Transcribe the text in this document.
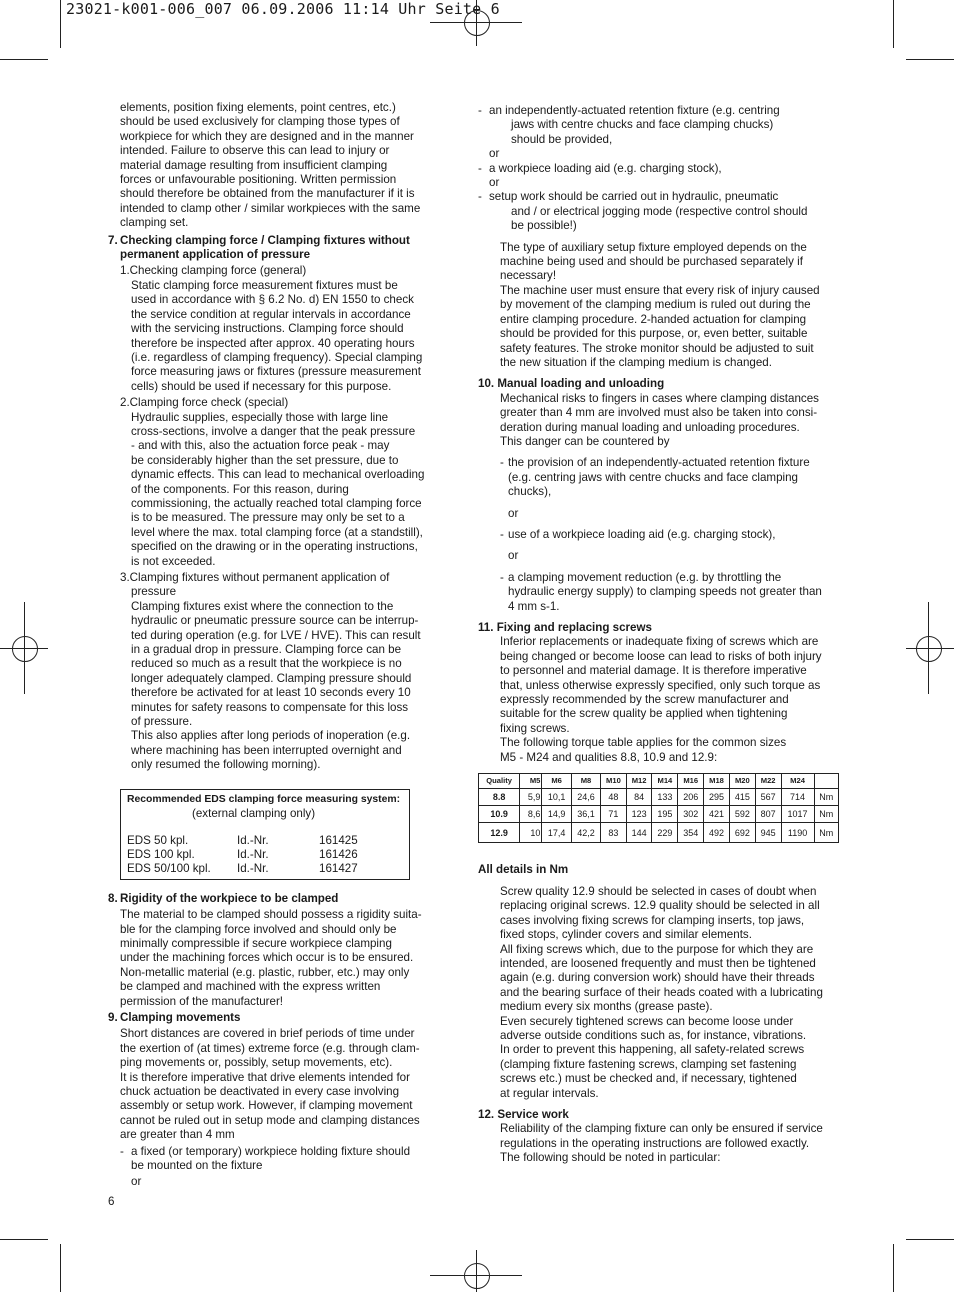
23021-k001-006_007 06.09.2006 11:14 Uhr Seite 6
elements, position fixing elements, point centres, etc.)
should be used exclusively for clamping those types of
workpiece for which they are designed and in the manner
intended. Failure to observe this can lead to injury or
material damage resulting from insufficient clamping
forces or unfavourable positioning. Written permission
should therefore be obtained from the manufacturer if it is
intended to clamp other / similar workpieces with the same
clamping set.
7. Checking clamping force / Clamping fixtures without
permanent application of pressure
1.Checking clamping force (general)
Static clamping force measurement fixtures must be
used in accordance with § 6.2 No. d) EN 1550 to check
the service condition at regular intervals in accordance
with the servicing instructions. Clamping force should
therefore be inspected after approx. 40 operating hours
(i.e. regardless of clamping frequency). Special clamping
force measuring jaws or fixtures (pressure measurement
cells) should be used if necessary for this purpose.
2.Clamping force check (special)
Hydraulic supplies, especially those with large line
cross-sections, involve a danger that the peak pressure
- and with this, also the actuation force peak - may
be considerably higher than the set pressure, due to
dynamic effects. This can lead to mechanical overloading
of the components. For this reason, during
commissioning, the actually reached total clamping force
is to be measured. The pressure may only be set to a
level where the max. total clamping force (at a standstill),
specified on the drawing or in the operating instructions,
is not exceeded.
3.Clamping fixtures without permanent application of
pressure
Clamping fixtures exist where the connection to the
hydraulic or pneumatic pressure source can be interrup-
ted during operation (e.g. for LVE / HVE). This can result
in a gradual drop in pressure. Clamping force can be
reduced so much as a result that the workpiece is no
longer adequately clamped. Clamping pressure should
therefore be activated for at least 10 seconds every 10
minutes for safety reasons to compensate for this loss
of pressure.
This also applies after long periods of inoperation (e.g.
where machining has been interrupted overnight and
only resumed the following morning).
Recommended EDS clamping force measuring system:
(external clamping only)
EDS 50 kpl.	Id.-Nr.	161425
EDS 100 kpl.	Id.-Nr.	161426
EDS 50/100 kpl.	Id.-Nr.	161427
8. Rigidity of the workpiece to be clamped
The material to be clamped should possess a rigidity suita-
ble for the clamping force involved and should only be
minimally compressible if secure workpiece clamping
under the machining forces which occur is to be ensured.
Non-metallic material (e.g. plastic, rubber, etc.) may only
be clamped and machined with the express written
permission of the manufacturer!
9. Clamping movements
Short distances are covered in brief periods of time under
the exertion of (at times) extreme force (e.g. through clam-
ping movements or, possibly, setup movements, etc).
It is therefore imperative that drive elements intended for
chuck actuation be deactivated in every case involving
assembly or setup work. However, if clamping movement
cannot be ruled out in setup mode and clamping distances
are greater than 4 mm
- a fixed (or temporary) workpiece holding fixture should
be mounted on the fixture
or
- an independently-actuated retention fixture (e.g. centring
jaws with centre chucks and face clamping chucks)
should be provided,
or
- a workpiece loading aid (e.g. charging stock),
or
- setup work should be carried out in hydraulic, pneumatic
and / or electrical jogging mode (respective control should
be possible!)
The type of auxiliary setup fixture employed depends on the
machine being used and should be purchased separately if
necessary!
The machine user must ensure that every risk of injury caused
by movement of the clamping medium is ruled out during the
entire clamping procedure. 2-handed actuation for clamping
should be provided for this purpose, or, even better, suitable
safety features. The stroke monitor should be adjusted to suit
the new situation if the clamping medium is changed.
10. Manual loading and unloading
Mechanical risks to fingers in cases where clamping distances
greater than 4 mm are involved must also be taken into consi-
deration during manual loading and unloading procedures.
This danger can be countered by
- the provision of an independently-actuated retention fixture
(e.g. centring jaws with centre chucks and face clamping
chucks),
or
- use of a workpiece loading aid (e.g. charging stock),
or
- a clamping movement reduction (e.g. by throttling the
hydraulic energy supply) to clamping speeds not greater than
4 mm s-1.
11. Fixing and replacing screws
Inferior replacements or inadequate fixing of screws which are
being changed or become loose can lead to risks of both injury
to personnel and material damage. It is therefore imperative
that, unless otherwise expressly specified, only such torque as
expressly recommended by the screw manufacturer and
suitable for the screw quality be applied when tightening
fixing screws.
The following torque table applies for the common sizes
M5 - M24 and qualities 8.8, 10.9 and 12.9:
Quality	M5	M6	M8	M10	M12	M14	M16	M18	M20	M22	M24	
8.8	5,9	10,1	24,6	48	84	133	206	295	415	567	714	Nm
10.9	8,6	14,9	36,1	71	123	195	302	421	592	807	1017	Nm
12.9	10	17,4	42,2	83	144	229	354	492	692	945	1190	Nm
All details in Nm
Screw quality 12.9 should be selected in cases of doubt when
replacing original screws. 12.9 quality should be selected in all
cases involving fixing screws for clamping inserts, top jaws,
fixed stops, cylinder covers and similar elements.
All fixing screws which, due to the purpose for which they are
intended, are loosened frequently and must then be tightened
again (e.g. during conversion work) should have their threads
and the bearing surface of their heads coated with a lubricating
medium every six months (grease paste).
Even securely tightened screws can become loose under
adverse outside conditions such as, for instance, vibrations.
In order to prevent this happening, all safety-related screws
(clamping fixture fastening screws, clamping set fastening
screws etc.) must be checked and, if necessary, tightened
at regular intervals.
12. Service work
Reliability of the clamping fixture can only be ensured if service
regulations in the operating instructions are followed exactly.
The following should be noted in particular:
6
